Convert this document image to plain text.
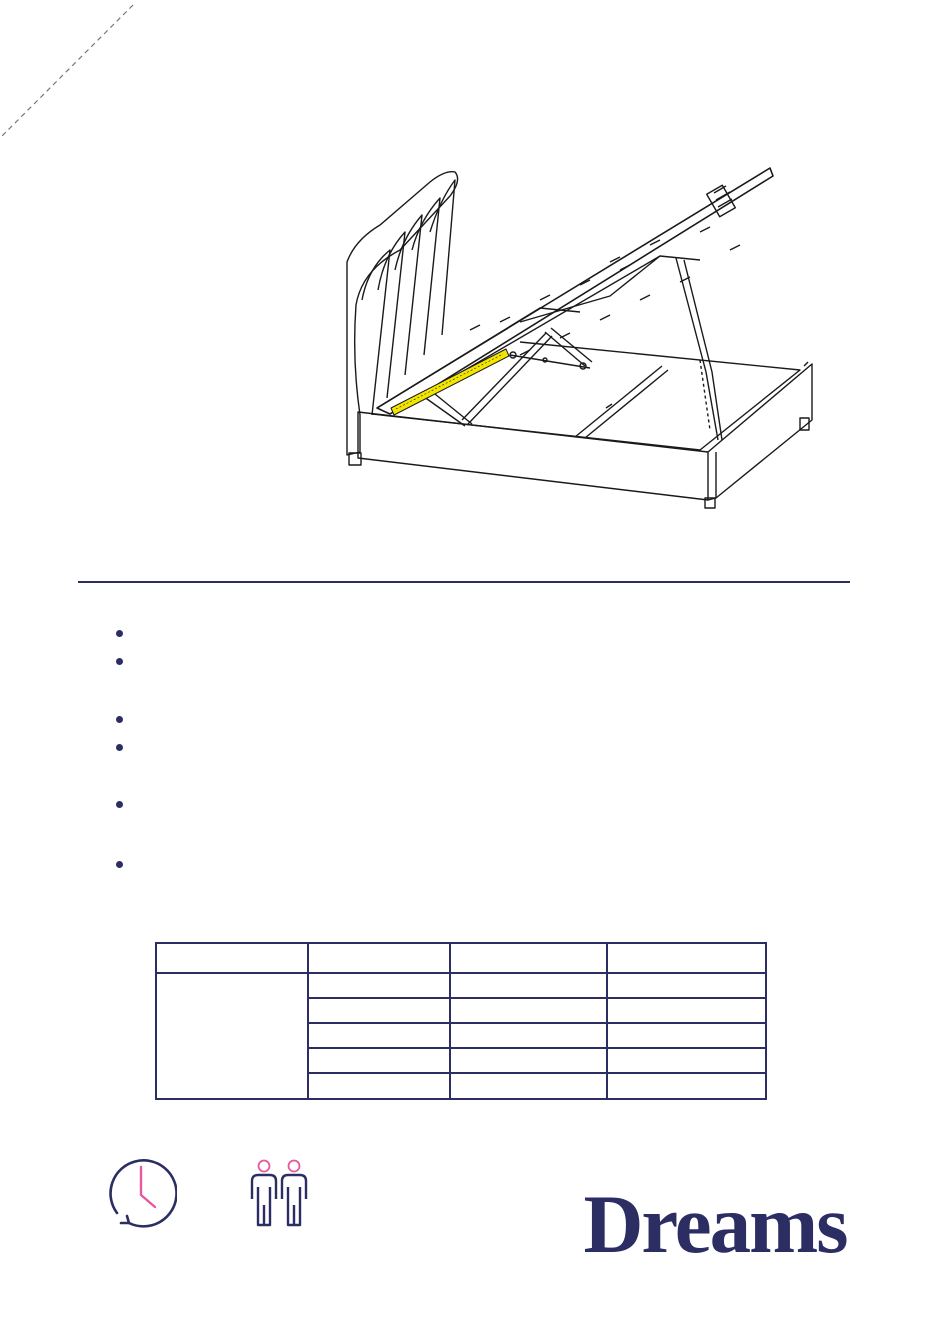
Dreams
